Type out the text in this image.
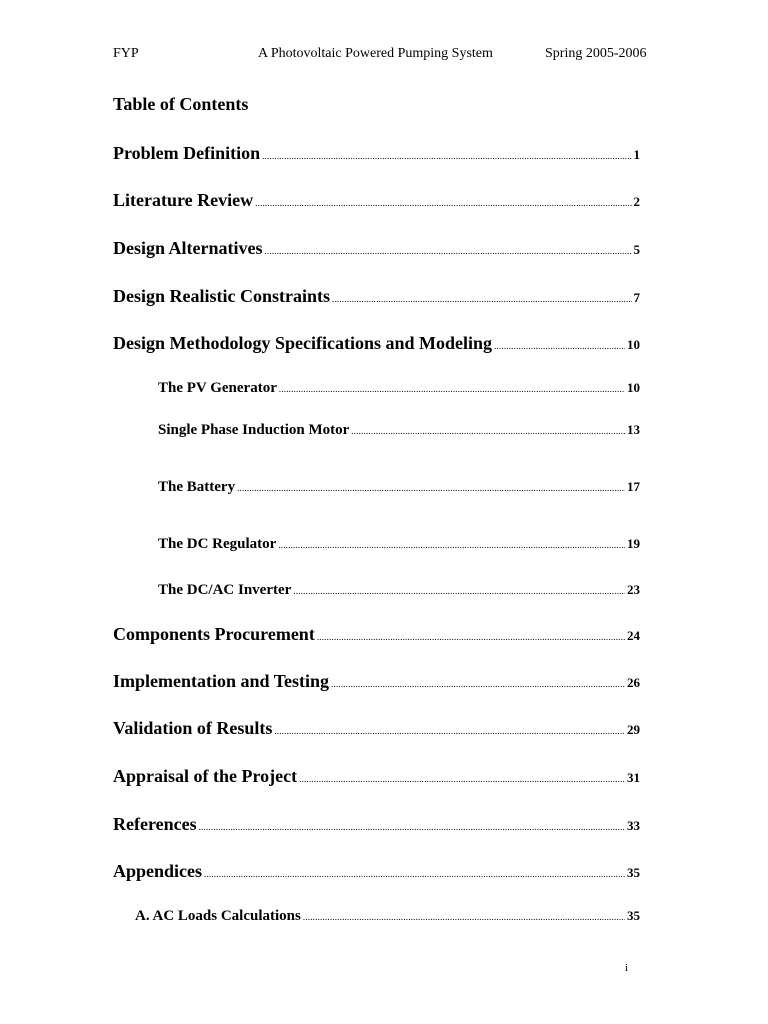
FYP	A Photovoltaic Powered Pumping System	Spring 2005-2006
Table of Contents
Problem Definition .....	1
Literature Review .....	2
Design Alternatives .....	5
Design Realistic Constraints .....	7
Design Methodology Specifications and Modeling .....	10
The PV Generator .....	10
Single Phase Induction Motor .....	13
The Battery .....	17
The DC Regulator .....	19
The DC/AC Inverter .....	23
Components Procurement .....	24
Implementation and Testing .....	26
Validation of Results .....	29
Appraisal of the Project .....	31
References .....	33
Appendices .....	35
A. AC Loads Calculations .....	35
i
